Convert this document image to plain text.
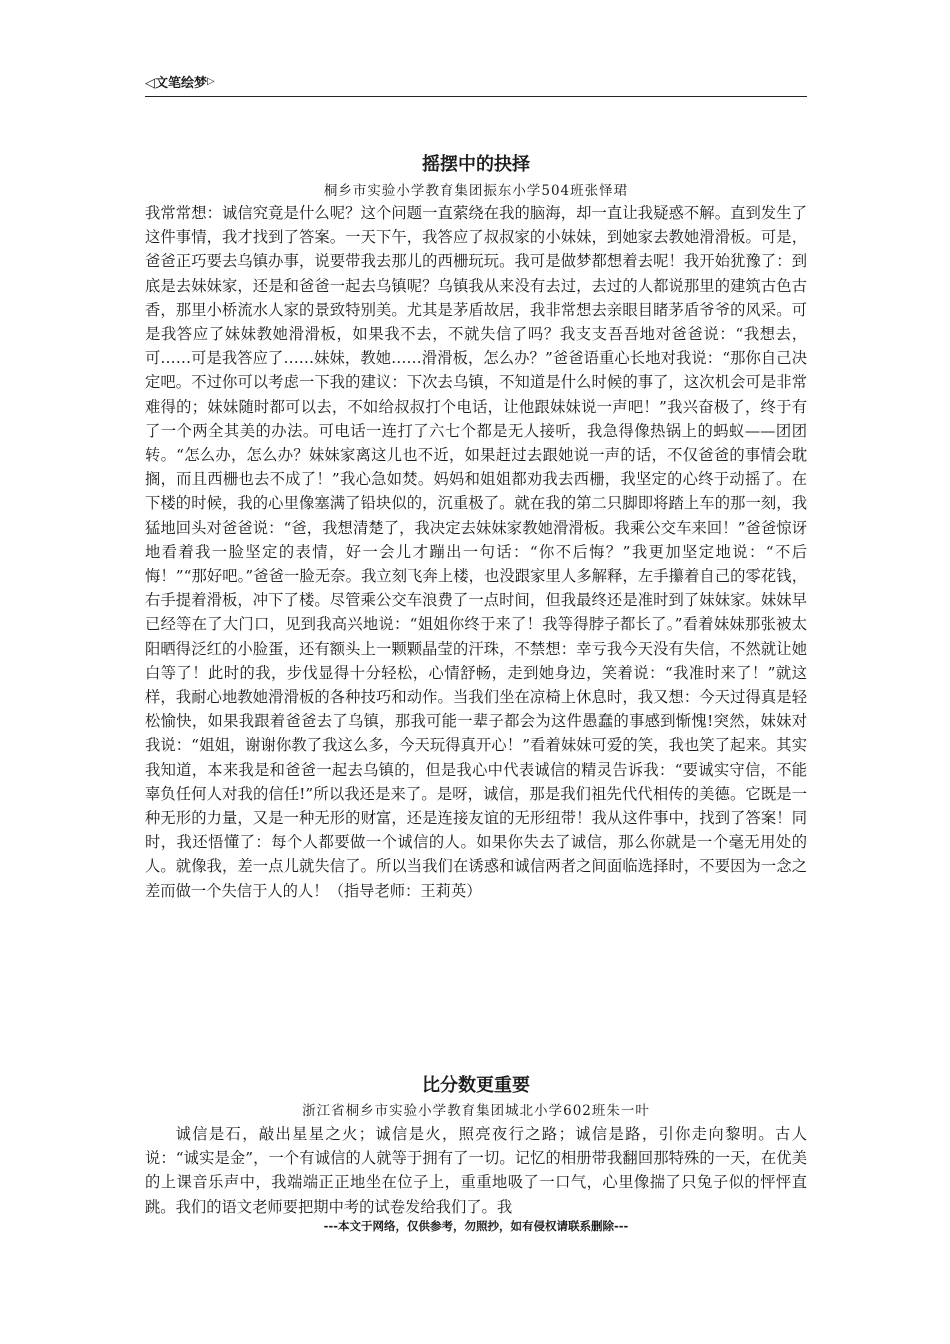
◁ 文笔绘梦 ▷
摇摆中的抉择
桐乡市实验小学教育集团振东小学504班张怿珺

我常常想：诚信究竟是什么呢？这个问题一直萦绕在我的脑海，却一直让我疑惑不解。直到发生了这件事情，我才找到了答案。一天下午，我答应了叔叔家的小妹妹，到她家去教她滑滑板。可是，爸爸正巧要去乌镇办事，说要带我去那儿的西栅玩玩。我可是做梦都想着去呢！我开始犹豫了：到底是去妹妹家，还是和爸爸一起去乌镇呢？乌镇我从来没有去过，去过的人都说那里的建筑古色古香，那里小桥流水人家的景致特别美。尤其是茅盾故居，我非常想去亲眼目睹茅盾爷爷的风采。可是我答应了妹妹教她滑滑板，如果我不去，不就失信了吗？我支支吾吾地对爸爸说：“我想去，可……可是我答应了……妹妹，教她……滑滑板，怎么办？”爸爸语重心长地对我说：“那你自己决定吧。不过你可以考虑一下我的建议：下次去乌镇，不知道是什么时候的事了，这次机会可是非常难得的；妹妹随时都可以去，不如给叔叔打个电话，让他跟妹妹说一声吧！”我兴奋极了，终于有了一个两全其美的办法。可电话一连打了六七个都是无人接听，我急得像热锅上的蚂蚁——团团转。“怎么办，怎么办？妹妹家离这儿也不近，如果赶过去跟她说一声的话，不仅爸爸的事情会耽搁，而且西栅也去不成了！”我心急如焚。妈妈和姐姐都劝我去西栅，我坚定的心终于动摇了。在下楼的时候，我的心里像塞满了铅块似的，沉重极了。就在我的第二只脚即将踏上车的那一刻，我猛地回头对爸爸说：“爸，我想清楚了，我决定去妹妹家教她滑滑板。我乘公交车来回！”爸爸惊讶地看着我一脸坚定的表情，好一会儿才蹦出一句话：“你不后悔？”我更加坚定地说：“不后悔！”“那好吧。”爸爸一脸无奈。我立刻飞奔上楼，也没跟家里人多解释，左手攥着自己的零花钱，右手提着滑板，冲下了楼。尽管乘公交车浪费了一点时间，但我最终还是准时到了妹妹家。妹妹早已经等在了大门口，见到我高兴地说：“姐姐你终于来了！我等得脖子都长了。”看着妹妹那张被太阳晒得泛红的小脸蛋，还有额头上一颗颗晶莹的汗珠，不禁想：幸亏我今天没有失信，不然就让她白等了！此时的我，步伐显得十分轻松，心情舒畅，走到她身边，笑着说：“我准时来了！”就这样，我耐心地教她滑滑板的各种技巧和动作。当我们坐在凉椅上休息时，我又想：今天过得真是轻松愉快，如果我跟着爸爸去了乌镇，那我可能一辈子都会为这件愚蠢的事感到惭愧!突然，妹妹对我说：“姐姐，谢谢你教了我这么多，今天玩得真开心！”看着妹妹可爱的笑，我也笑了起来。其实我知道，本来我是和爸爸一起去乌镇的，但是我心中代表诚信的精灵告诉我：“要诚实守信，不能辜负任何人对我的信任!”所以我还是来了。是呀，诚信，那是我们祖先代代相传的美德。它既是一种无形的力量，又是一种无形的财富，还是连接友谊的无形纽带！我从这件事中，找到了答案！同时，我还悟懂了：每个人都要做一个诚信的人。如果你失去了诚信，那么你就是一个毫无用处的人。就像我，差一点儿就失信了。所以当我们在诱惑和诚信两者之间面临选择时，不要因为一念之差而做一个失信于人的人！（指导老师：王莉英）

比分数更重要
浙江省桐乡市实验小学教育集团城北小学602班朱一叶

诚信是石，敲出星星之火；诚信是火，照亮夜行之路；诚信是路，引你走向黎明。古人说：“诚实是金”，一个有诚信的人就等于拥有了一切。记忆的相册带我翻回那特殊的一天，在优美的上课音乐声中，我端端正正地坐在位子上，重重地吸了一口气，心里像揣了只兔子似的怦怦直跳。我们的语文老师要把期中考的试卷发给我们了。我

---本文于网络，仅供参考，勿照抄，如有侵权请联系删除---
